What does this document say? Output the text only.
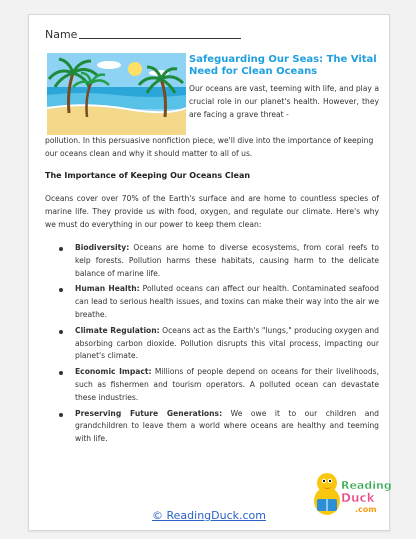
Name
Safeguarding Our Seas: The Vital Need for Clean Oceans
Our oceans are vast, teeming with life, and play a crucial role in our planet's health. However, they are facing a grave threat -
pollution. In this persuasive nonfiction piece, we'll dive into the importance of keeping our oceans clean and why it should matter to all of us.
The Importance of Keeping Our Oceans Clean
Oceans cover over 70% of the Earth's surface and are home to countless species of marine life. They provide us with food, oxygen, and regulate our climate. Here's why we must do everything in our power to keep them clean:
Biodiversity: Oceans are home to diverse ecosystems, from coral reefs to kelp forests. Pollution harms these habitats, causing harm to the delicate balance of marine life.
Human Health: Polluted oceans can affect our health. Contaminated seafood can lead to serious health issues, and toxins can make their way into the air we breathe.
Climate Regulation: Oceans act as the Earth's "lungs," producing oxygen and absorbing carbon dioxide. Pollution disrupts this vital process, impacting our planet's climate.
Economic Impact: Millions of people depend on oceans for their livelihoods, such as fishermen and tourism operators. A polluted ocean can devastate these industries.
Preserving Future Generations: We owe it to our children and grandchildren to leave them a world where oceans are healthy and teeming with life.
Reading
Duck
.com
© ReadingDuck.com
